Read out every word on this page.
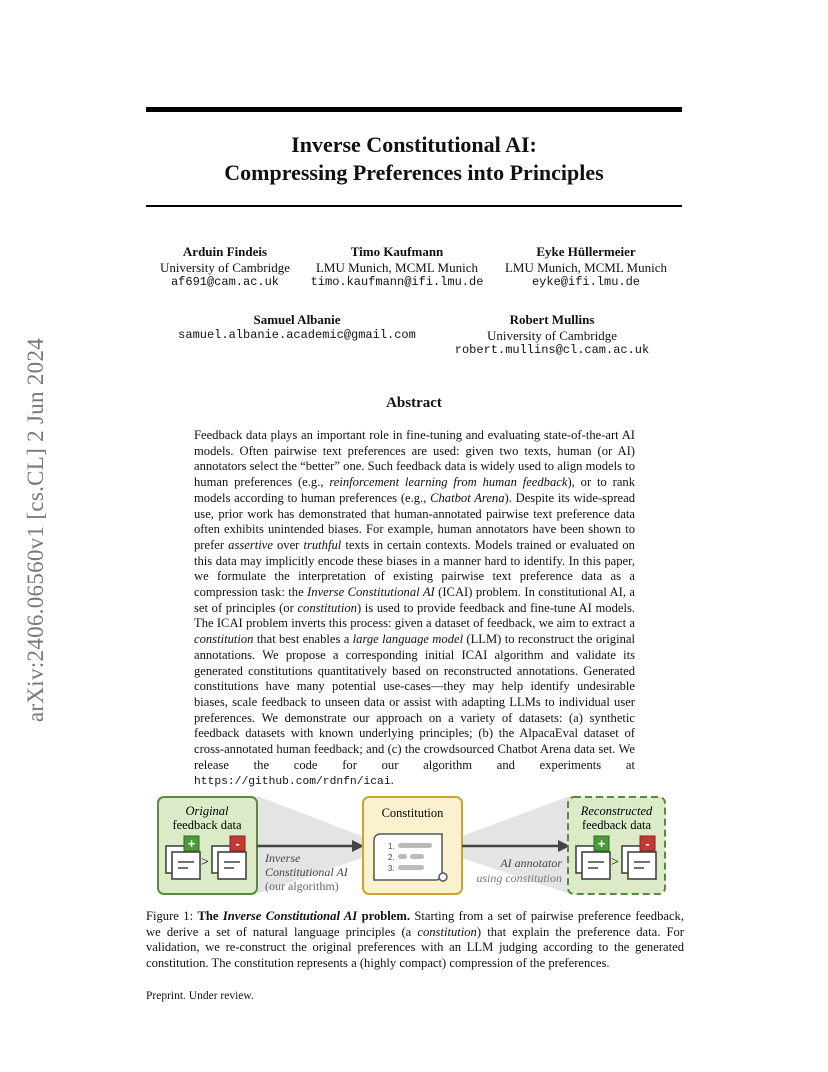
arXiv:2406.06560v1 [cs.CL] 2 Jun 2024
Inverse Constitutional AI:
Compressing Preferences into Principles
Arduin Findeis
University of Cambridge
af691@cam.ac.uk
Timo Kaufmann
LMU Munich, MCML Munich
timo.kaufmann@ifi.lmu.de
Eyke Hüllermeier
LMU Munich, MCML Munich
eyke@ifi.lmu.de
Samuel Albanie
samuel.albanie.academic@gmail.com
Robert Mullins
University of Cambridge
robert.mullins@cl.cam.ac.uk
Abstract

Feedback data plays an important role in fine-tuning and evaluating state-of-the-art AI models. Often pairwise text preferences are used: given two texts, human (or AI) annotators select the “better” one. Such feedback data is widely used to align models to human preferences (e.g., reinforcement learning from human feedback), or to rank models according to human preferences (e.g., Chatbot Arena). Despite its wide-spread use, prior work has demonstrated that human-annotated pairwise text preference data often exhibits unintended biases. For example, human annotators have been shown to prefer assertive over truthful texts in certain contexts. Models trained or evaluated on this data may implicitly encode these biases in a manner hard to identify. In this paper, we formulate the interpretation of existing pairwise text preference data as a compression task: the Inverse Constitutional AI (ICAI) problem. In constitutional AI, a set of principles (or constitution) is used to provide feedback and fine-tune AI models. The ICAI problem inverts this process: given a dataset of feedback, we aim to extract a constitution that best enables a large language model (LLM) to reconstruct the original annotations. We propose a corresponding initial ICAI algorithm and validate its generated constitutions quantitatively based on reconstructed annotations. Generated constitutions have many potential use-cases—they may help identify undesirable biases, scale feedback to unseen data or assist with adapting LLMs to individual user preferences. We demonstrate our approach on a variety of datasets: (a) synthetic feedback datasets with known underlying principles; (b) the AlpacaEval dataset of cross-annotated human feedback; and (c) the crowdsourced Chatbot Arena data set. We release the code for our algorithm and experiments at https://github.com/rdnfn/icai.

Original
feedback data
+
>
-
Inverse
Constitutional AI
(our algorithm)
Constitution
1.
2.
3.	AI annotator
using constitution
Reconstructed
feedback data
+
>
-

Figure 1: The Inverse Constitutional AI problem. Starting from a set of pairwise preference feedback, we derive a set of natural language principles (a constitution) that explain the preference data. For validation, we re-construct the original preferences with an LLM judging according to the generated constitution. The constitution represents a (highly compact) compression of the preferences.

Preprint. Under review.
